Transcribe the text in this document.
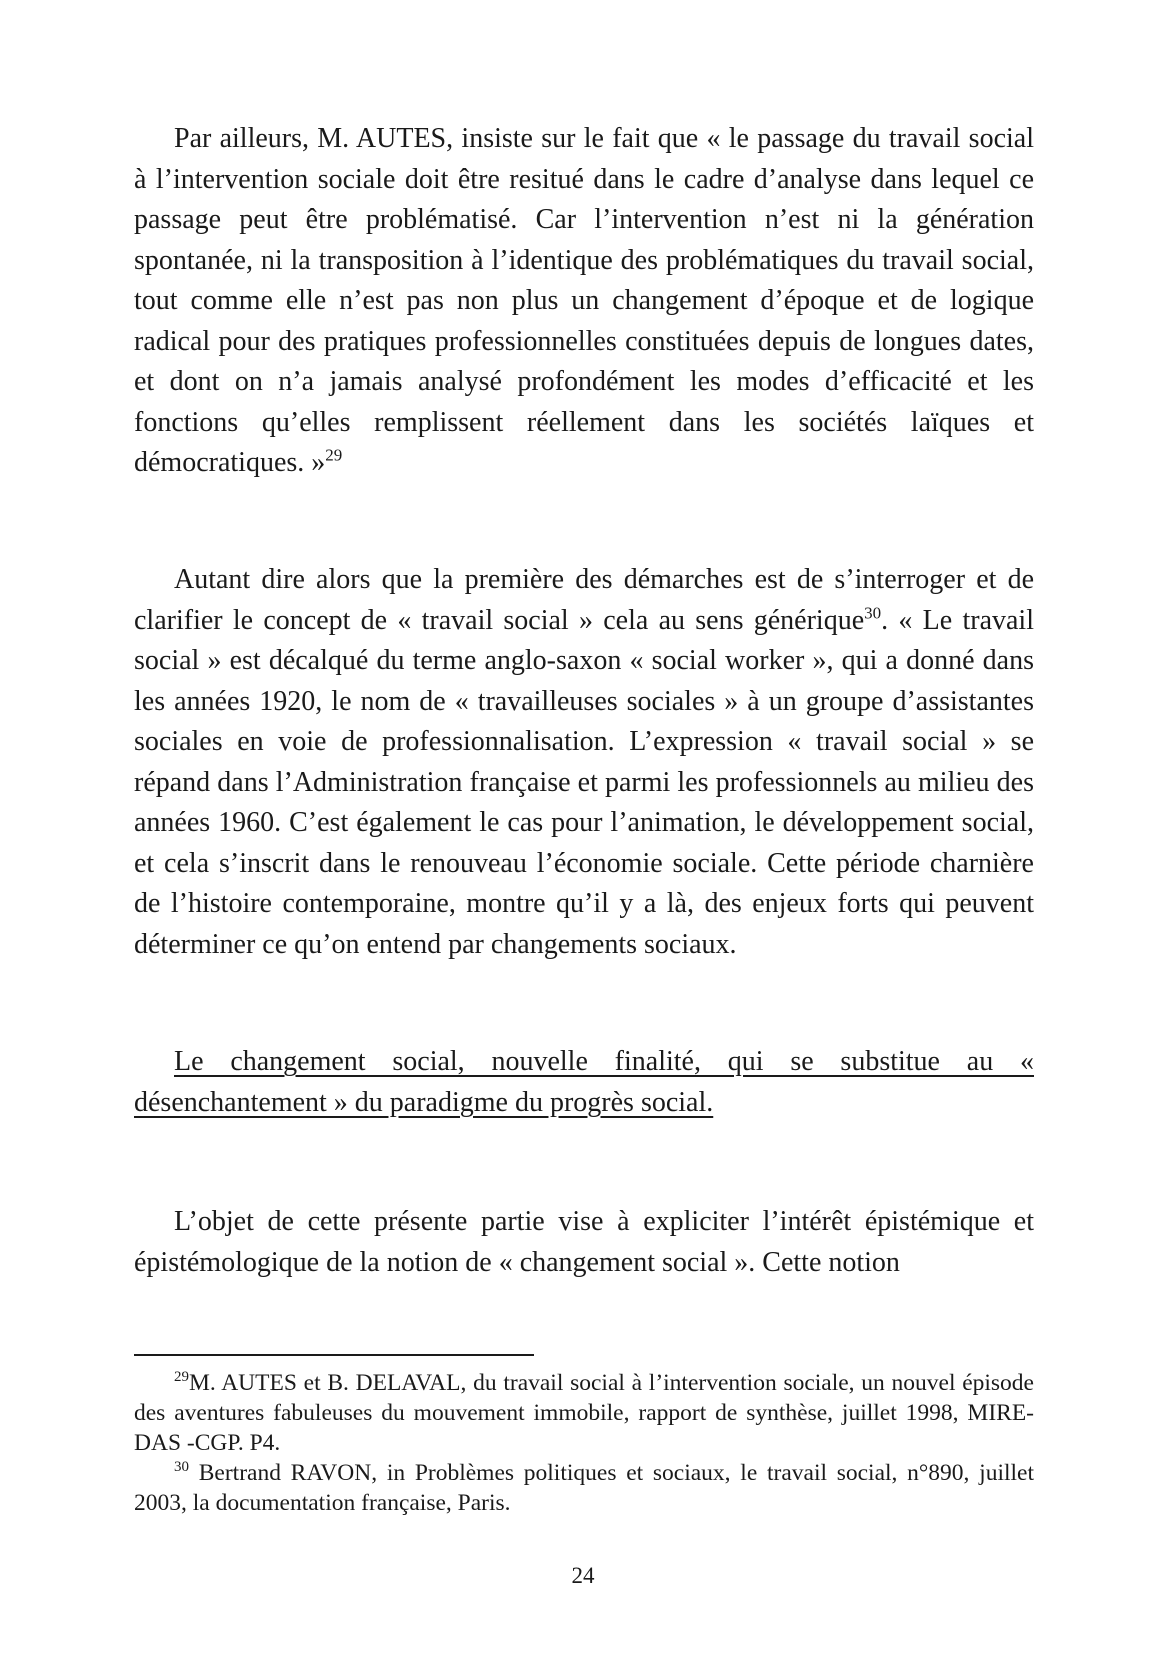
Par ailleurs, M. AUTES, insiste sur le fait que « le passage du travail social à l’intervention sociale doit être resitué dans le cadre d’analyse dans lequel ce passage peut être problématisé. Car l’intervention n’est ni la génération spontanée, ni la transposition à l’identique des problématiques du travail social, tout comme elle n’est pas non plus un changement d’époque et de logique radical pour des pratiques professionnelles constituées depuis de longues dates, et dont on n’a jamais analysé profondément les modes d’efficacité et les fonctions qu’elles remplissent réellement dans les sociétés laïques et démocratiques. »$^{29}$

Autant dire alors que la première des démarches est de s’interroger et de clarifier le concept de « travail social » cela au sens générique$^{30}$. « Le travail social » est décalqué du terme anglo-saxon « social worker », qui a donné dans les années 1920, le nom de « travailleuses sociales » à un groupe d’assistantes sociales en voie de professionnalisation. L’expression « travail social » se répand dans l’Administration française et parmi les professionnels au milieu des années 1960. C’est également le cas pour l’animation, le développement social, et cela s’inscrit dans le renouveau l’économie sociale. Cette période charnière de l’histoire contemporaine, montre qu’il y a là, des enjeux forts qui peuvent déterminer ce qu’on entend par changements sociaux.

Le changement social, nouvelle finalité, qui se substitue au « désenchantement » du paradigme du progrès social.

L’objet de cette présente partie vise à expliciter l’intérêt épistémique et épistémologique de la notion de « changement social ». Cette notion

$^{29}$M. AUTES et B. DELAVAL, du travail social à l’intervention sociale, un nouvel épisode des aventures fabuleuses du mouvement immobile, rapport de synthèse, juillet 1998, MIRE-DAS -CGP. P4.

$^{30}$ Bertrand RAVON, in Problèmes politiques et sociaux, le travail social, n°890, juillet 2003, la documentation française, Paris.

24
